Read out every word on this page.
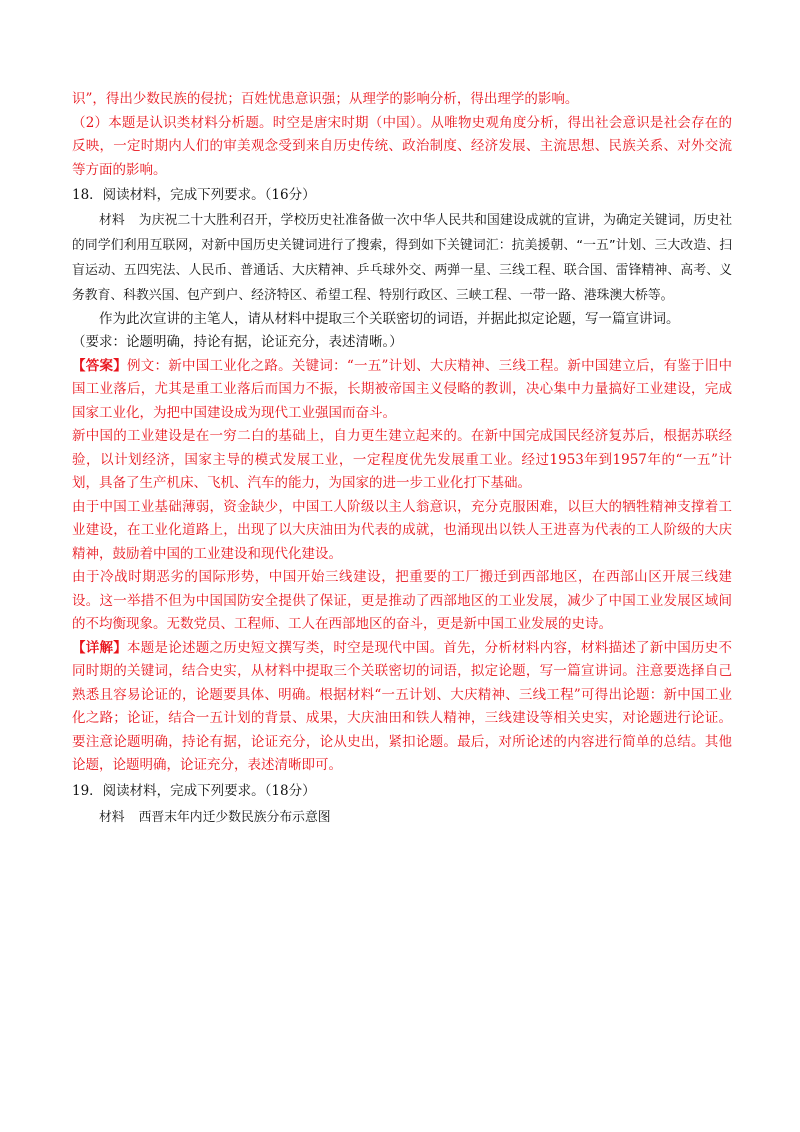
识”，得出少数民族的侵扰；百姓忧患意识强；从理学的影响分析，得出理学的影响。

（2）本题是认识类材料分析题。时空是唐宋时期（中国）。从唯物史观角度分析，得出社会意识是社会存在的反映，一定时期内人们的审美观念受到来自历史传统、政治制度、经济发展、主流思想、民族关系、对外交流等方面的影响。

18．阅读材料，完成下列要求。（16分）

材料 为庆祝二十大胜利召开，学校历史社准备做一次中华人民共和国建设成就的宣讲，为确定关键词，历史社的同学们利用互联网，对新中国历史关键词进行了搜索，得到如下关键词汇：抗美援朝、“一五”计划、三大改造、扫盲运动、五四宪法、人民币、普通话、大庆精神、乒乓球外交、两弹一星、三线工程、联合国、雷锋精神、高考、义务教育、科教兴国、包产到户、经济特区、希望工程、特别行政区、三峡工程、一带一路、港珠澳大桥等。

作为此次宣讲的主笔人，请从材料中提取三个关联密切的词语，并据此拟定论题，写一篇宣讲词。

（要求：论题明确，持论有据，论证充分，表述清晰。）

【答案】例文：新中国工业化之路。关键词：“一五”计划、大庆精神、三线工程。新中国建立后，有鉴于旧中国工业落后，尤其是重工业落后而国力不振，长期被帝国主义侵略的教训，决心集中力量搞好工业建设，完成国家工业化，为把中国建设成为现代工业强国而奋斗。

新中国的工业建设是在一穷二白的基础上，自力更生建立起来的。在新中国完成国民经济复苏后，根据苏联经验，以计划经济，国家主导的模式发展工业，一定程度优先发展重工业。经过1953年到1957年的“一五”计划，具备了生产机床、飞机、汽车的能力，为国家的进一步工业化打下基础。

由于中国工业基础薄弱，资金缺少，中国工人阶级以主人翁意识，充分克服困难，以巨大的牺牲精神支撑着工业建设，在工业化道路上，出现了以大庆油田为代表的成就，也涌现出以铁人王进喜为代表的工人阶级的大庆精神，鼓励着中国的工业建设和现代化建设。

由于冷战时期恶劣的国际形势，中国开始三线建设，把重要的工厂搬迁到西部地区，在西部山区开展三线建设。这一举措不但为中国国防安全提供了保证，更是推动了西部地区的工业发展，减少了中国工业发展区域间的不均衡现象。无数党员、工程师、工人在西部地区的奋斗，更是新中国工业发展的史诗。

【详解】本题是论述题之历史短文撰写类，时空是现代中国。首先，分析材料内容，材料描述了新中国历史不同时期的关键词，结合史实，从材料中提取三个关联密切的词语，拟定论题，写一篇宣讲词。注意要选择自己熟悉且容易论证的，论题要具体、明确。根据材料“一五计划、大庆精神、三线工程”可得出论题：新中国工业化之路；论证，结合一五计划的背景、成果，大庆油田和铁人精神，三线建设等相关史实，对论题进行论证。要注意论题明确，持论有据，论证充分，论从史出，紧扣论题。最后，对所论述的内容进行简单的总结。其他论题，论题明确，论证充分，表述清晰即可。

19．阅读材料，完成下列要求。（18分）

材料 西晋末年内迁少数民族分布示意图
